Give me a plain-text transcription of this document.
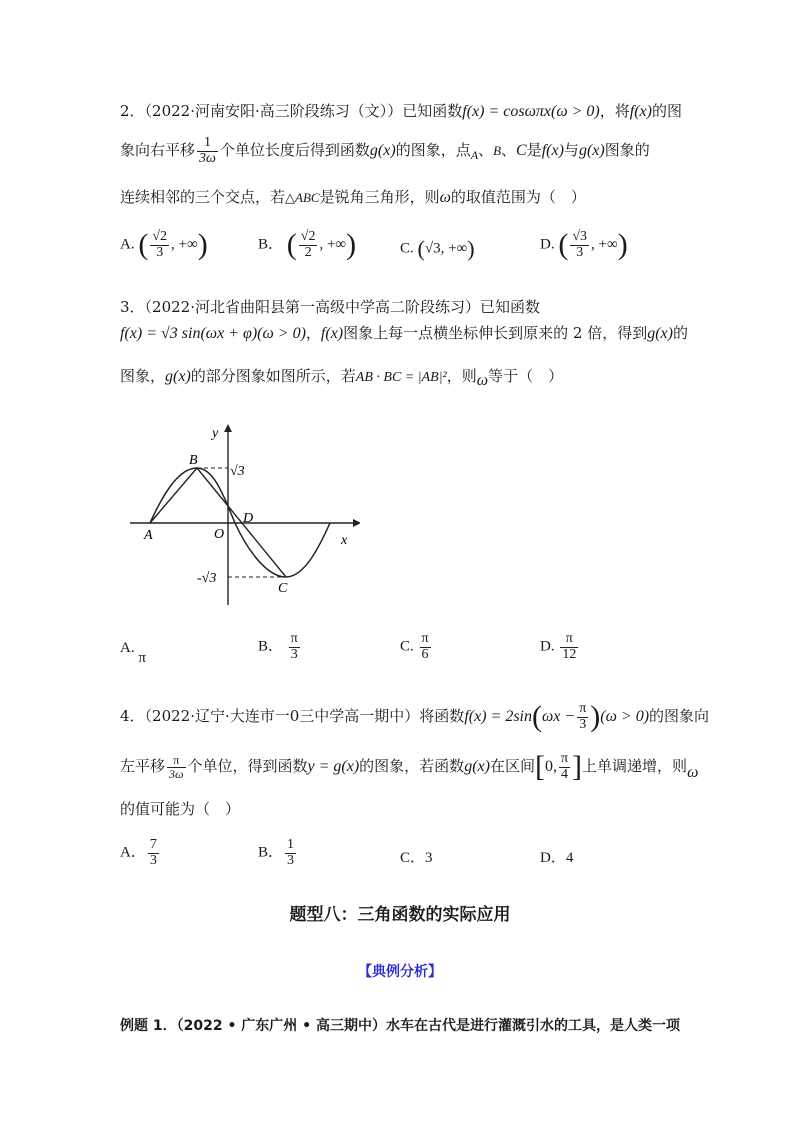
2．（2022·河南安阳·高三阶段练习（文））已知函数f(x) = cosωπx(ω > 0)，将f(x)的图
象向右平移 $\frac{1}{3\omega}$ 个单位长度后得到函数g(x)的图象，点$_A$、B、C是f(x)与g(x)图象的
连续相邻的三个交点，若△ABC是锐角三角形，则ω的取值范围为（　）
A. ( $\frac{√2}{3}$ , +∞)	B． ( $\frac{√2}{2}$ , +∞)	C. (√3, +∞)	D. ( $\frac{√3}{3}$ , +∞)
3．（2022·河北省曲阳县第一高级中学高二阶段练习）已知函数
f(x) = √3 sin(ωx + φ)(ω > 0)，f(x)图象上每一点横坐标伸长到原来的 2 倍，得到g(x)的
图象，g(x)的部分图象如图所示，若AB · BC = |AB|²，则ω等于（　）
y
x
B
A	O
D
C
√3
-√3
A. π
B． $\frac{\pi}{3}$	C. $\frac{\pi}{6}$	D. $\frac{\pi}{12}$
4．（2022·辽宁·大连市一0三中学高一期中）将函数$f(x) = 2\sin(\omega x - \frac{\pi}{3} )(\omega > 0)$的图象向
左平移 $\frac{\pi}{3\omega}$ 个单位，得到函数y = g(x)的图象，若函数g(x)在区间[0, $\frac{\pi}{4}$ ]上单调递增，则ω
的值可能为（　）
A． $\frac{7}{3}$	B． $\frac{1}{3}$	C．3	D．4
题型八：三角函数的实际应用
【典例分析】
例题 1．（2022 • 广东广州 • 高三期中）水车在古代是进行灌溉引水的工具，是人类一项
